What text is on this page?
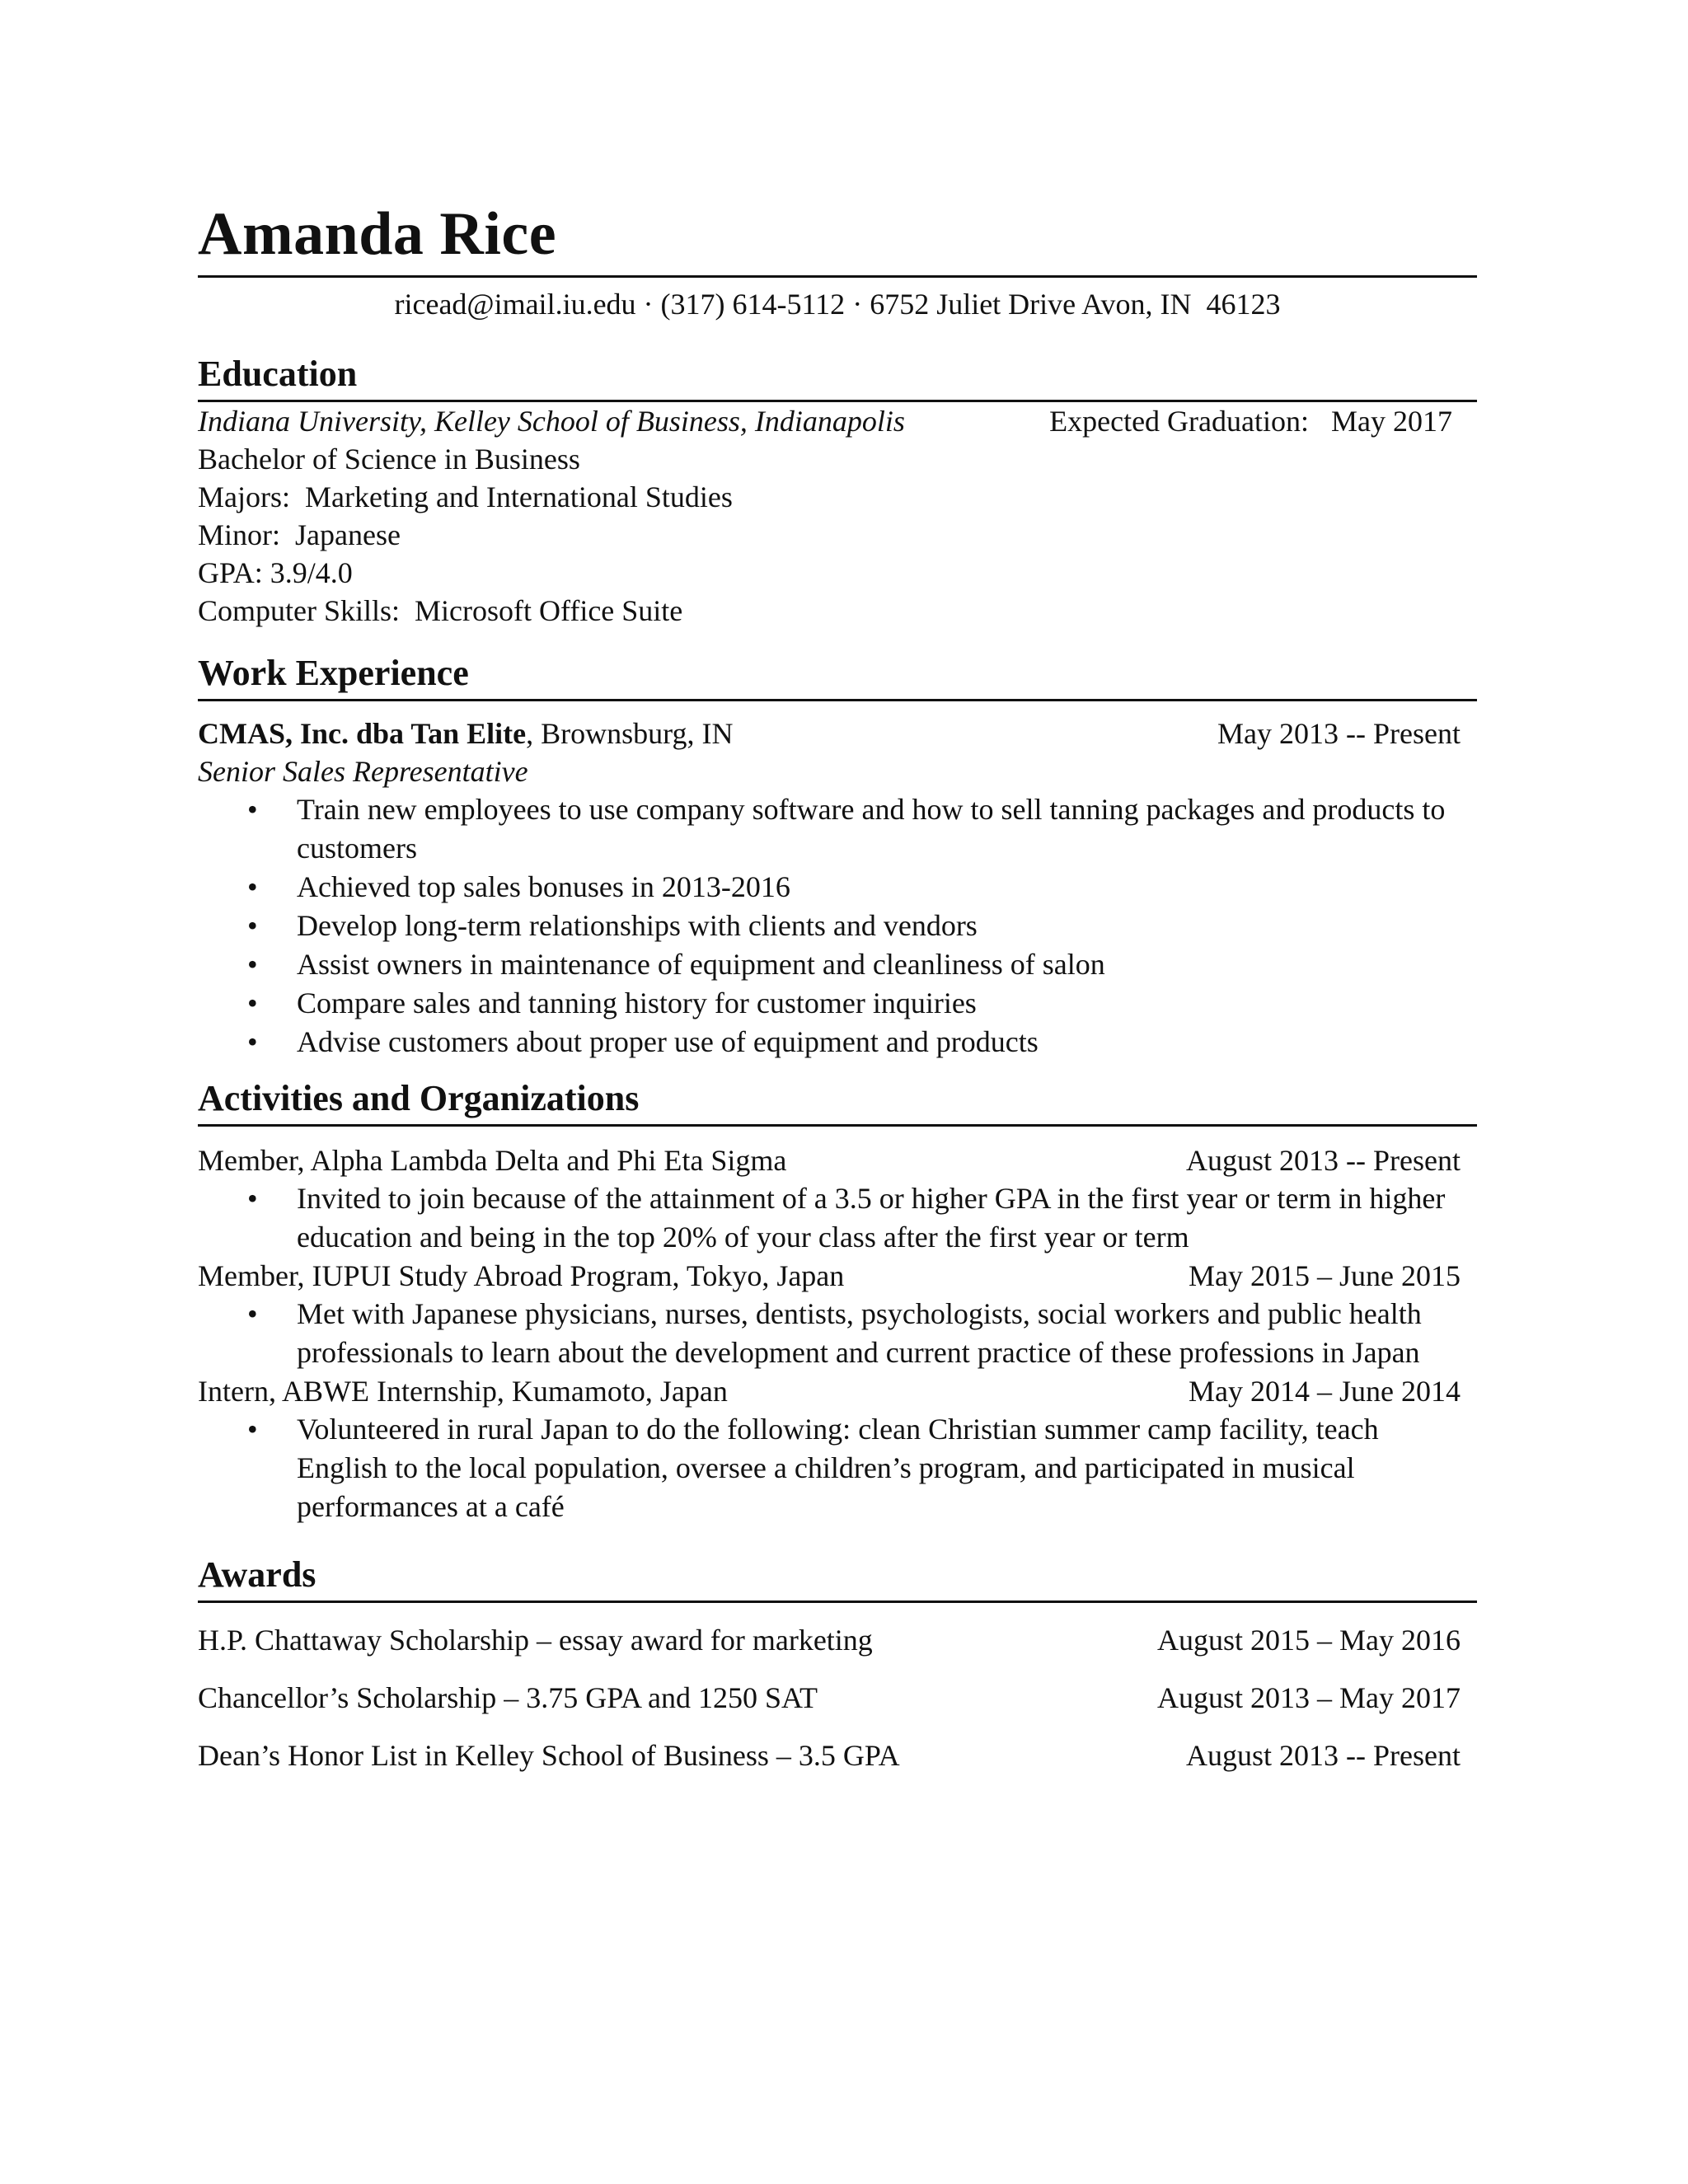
Amanda Rice
ricead@imail.iu.edu · (317) 614-5112 · 6752 Juliet Drive Avon, IN  46123
Education
Indiana University, Kelley School of Business, Indianapolis	Expected Graduation:   May 2017
Bachelor of Science in Business
Majors:  Marketing and International Studies
Minor:  Japanese
GPA: 3.9/4.0
Computer Skills:  Microsoft Office Suite
Work Experience
CMAS, Inc. dba Tan Elite, Brownsburg, IN	May 2013 -- Present
Senior Sales Representative
• Train new employees to use company software and how to sell tanning packages and products to customers
• Achieved top sales bonuses in 2013-2016
• Develop long-term relationships with clients and vendors
• Assist owners in maintenance of equipment and cleanliness of salon
• Compare sales and tanning history for customer inquiries
• Advise customers about proper use of equipment and products
Activities and Organizations
Member, Alpha Lambda Delta and Phi Eta Sigma	August 2013 -- Present
• Invited to join because of the attainment of a 3.5 or higher GPA in the first year or term in higher education and being in the top 20% of your class after the first year or term
Member, IUPUI Study Abroad Program, Tokyo, Japan	May 2015 – June 2015
• Met with Japanese physicians, nurses, dentists, psychologists, social workers and public health professionals to learn about the development and current practice of these professions in Japan
Intern, ABWE Internship, Kumamoto, Japan	May 2014 – June 2014
• Volunteered in rural Japan to do the following: clean Christian summer camp facility, teach English to the local population, oversee a children’s program, and participated in musical performances at a café
Awards
H.P. Chattaway Scholarship – essay award for marketing	August 2015 – May 2016
Chancellor’s Scholarship – 3.75 GPA and 1250 SAT	August 2013 – May 2017
Dean’s Honor List in Kelley School of Business – 3.5 GPA	August 2013 -- Present
